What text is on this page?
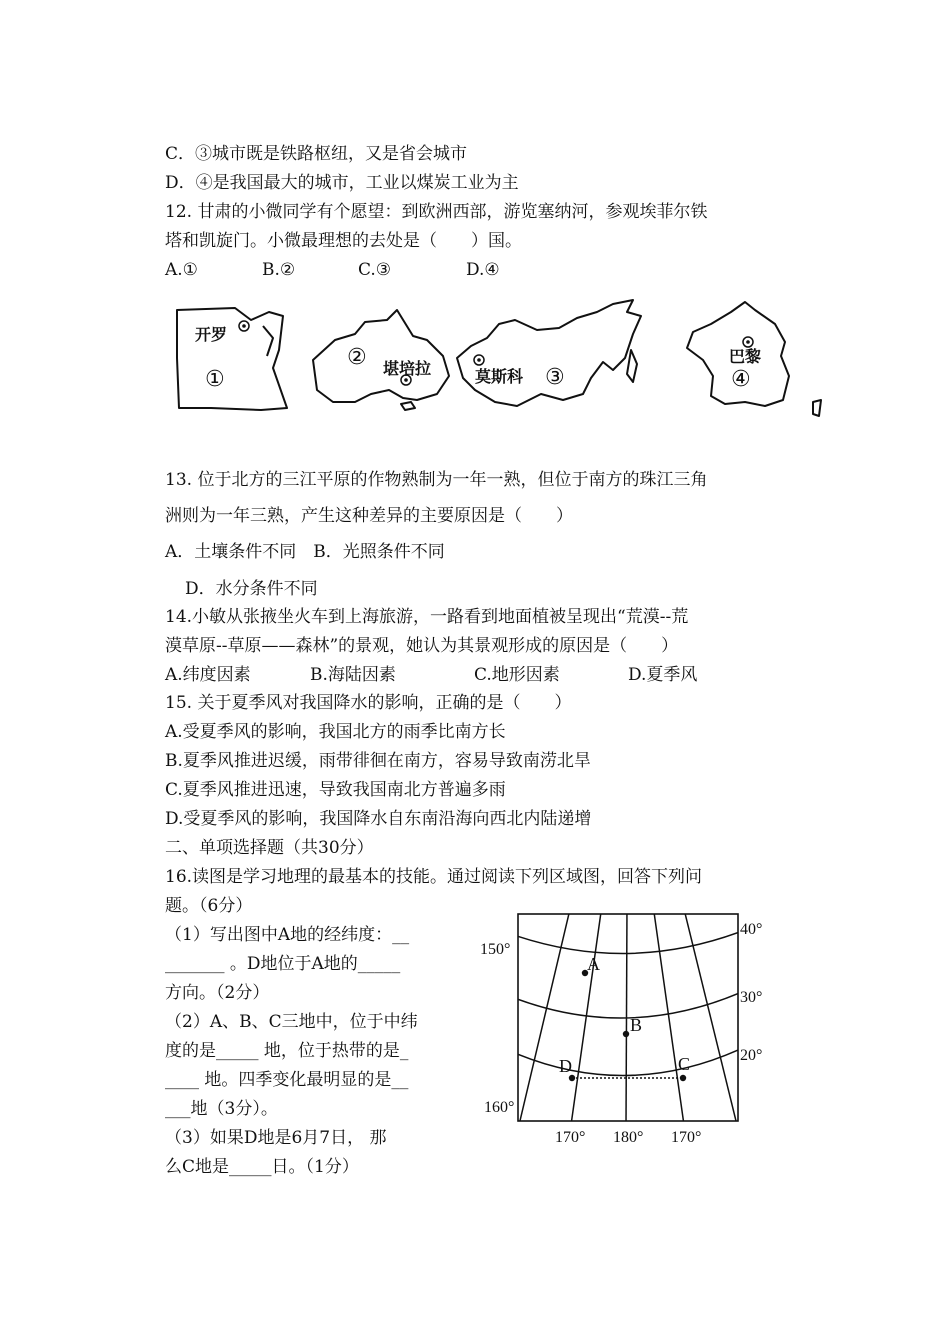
C．③城市既是铁路枢纽，又是省会城市
D．④是我国最大的城市，工业以煤炭工业为主
12. 甘肃的小微同学有个愿望：到欧洲西部，游览塞纳河，参观埃菲尔铁
塔和凯旋门。小微最理想的去处是（　　）国。
A.①	B.②	C.③	D.④
开罗
堪培拉	莫斯科
巴黎
①
②
③	④
13. 位于北方的三江平原的作物熟制为一年一熟，但位于南方的珠江三角
洲则为一年三熟，产生这种差异的主要原因是（　　）
A．土壤条件不同　B．光照条件不同
D．水分条件不同
14.小敏从张掖坐火车到上海旅游，一路看到地面植被呈现出“荒漠--荒
漠草原--草原——森林”的景观，她认为其景观形成的原因是（　　）
A.纬度因素	B.海陆因素	C.地形因素	D.夏季风
15. 关于夏季风对我国降水的影响，正确的是（　　）
A.受夏季风的影响，我国北方的雨季比南方长
B.夏季风推进迟缓，雨带徘徊在南方，容易导致南涝北旱
C.夏季风推进迅速，导致我国南北方普遍多雨
D.受夏季风的影响，我国降水自东南沿海向西北内陆递增
二、单项选择题（共30分）
16.读图是学习地理的最基本的技能。通过阅读下列区域图，回答下列问
题。（6分）
（1）写出图中A地的经纬度：__
_______ 。D地位于A地的_____
方向。（2分）
（2）A、B、C三地中，位于中纬
度的是_____ 地，位于热带的是_
____ 地。四季变化最明显的是__
___地（3分）。
（3）如果D地是6月7日， 那
么C地是_____日。（1分）
A
B
C
D
40°
30°
20°
150°
160°
170° 180° 170°
